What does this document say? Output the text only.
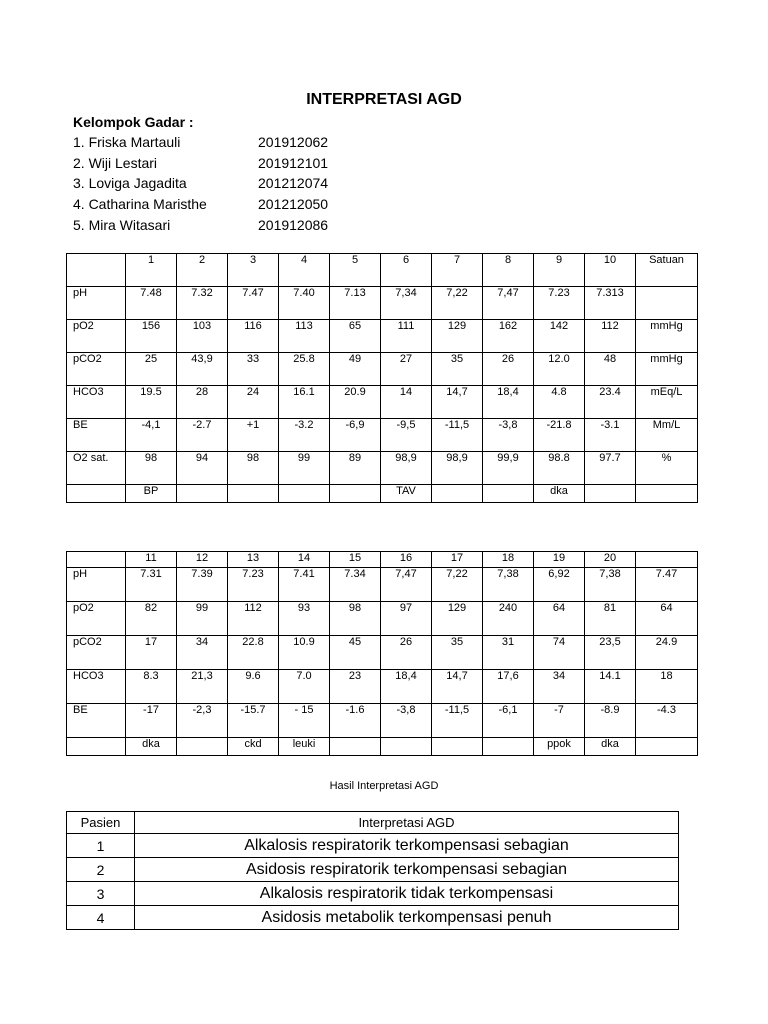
INTERPRETASI AGD
Kelompok Gadar :
1. Friska Martauli	201912062
2. Wiji Lestari	201912101
3. Loviga Jagadita	201212074
4. Catharina Maristhe	201212050
5. Mira Witasari	201912086
	1	2	3	4	5	6	7	8	9	10	Satuan
pH	7.48	7.32	7.47	7.40	7.13	7,34	7,22	7,47	7.23	7.313	
pO2	156	103	116	113	65	111	129	162	142	112	mmHg
pCO2	25	43,9	33	25.8	49	27	35	26	12.0	48	mmHg
HCO3	19.5	28	24	16.1	20.9	14	14,7	18,4	4.8	23.4	mEq/L
BE	-4,1	-2.7	+1	-3.2	-6,9	-9,5	-11,5	-3,8	-21.8	-3.1	Mm/L
O2 sat.	98	94	98	99	89	98,9	98,9	99,9	98.8	97.7	%
	BP					TAV			dka		
	11	12	13	14	15	16	17	18	19	20	
pH	7.31	7.39	7.23	7.41	7.34	7,47	7,22	7,38	6,92	7,38	7.47
pO2	82	99	112	93	98	97	129	240	64	81	64
pCO2	17	34	22.8	10.9	45	26	35	31	74	23,5	24.9
HCO3	8.3	21,3	9.6	7.0	23	18,4	14,7	17,6	34	14.1	18
BE	-17	-2,3	-15.7	- 15	-1.6	-3,8	-11,5	-6,1	-7	-8.9	-4.3
	dka		ckd	leuki					ppok	dka	
Hasil Interpretasi AGD
Pasien	Interpretasi AGD
1	Alkalosis respiratorik terkompensasi sebagian
2	Asidosis respiratorik terkompensasi sebagian
3	Alkalosis respiratorik tidak terkompensasi
4	Asidosis metabolik terkompensasi penuh
